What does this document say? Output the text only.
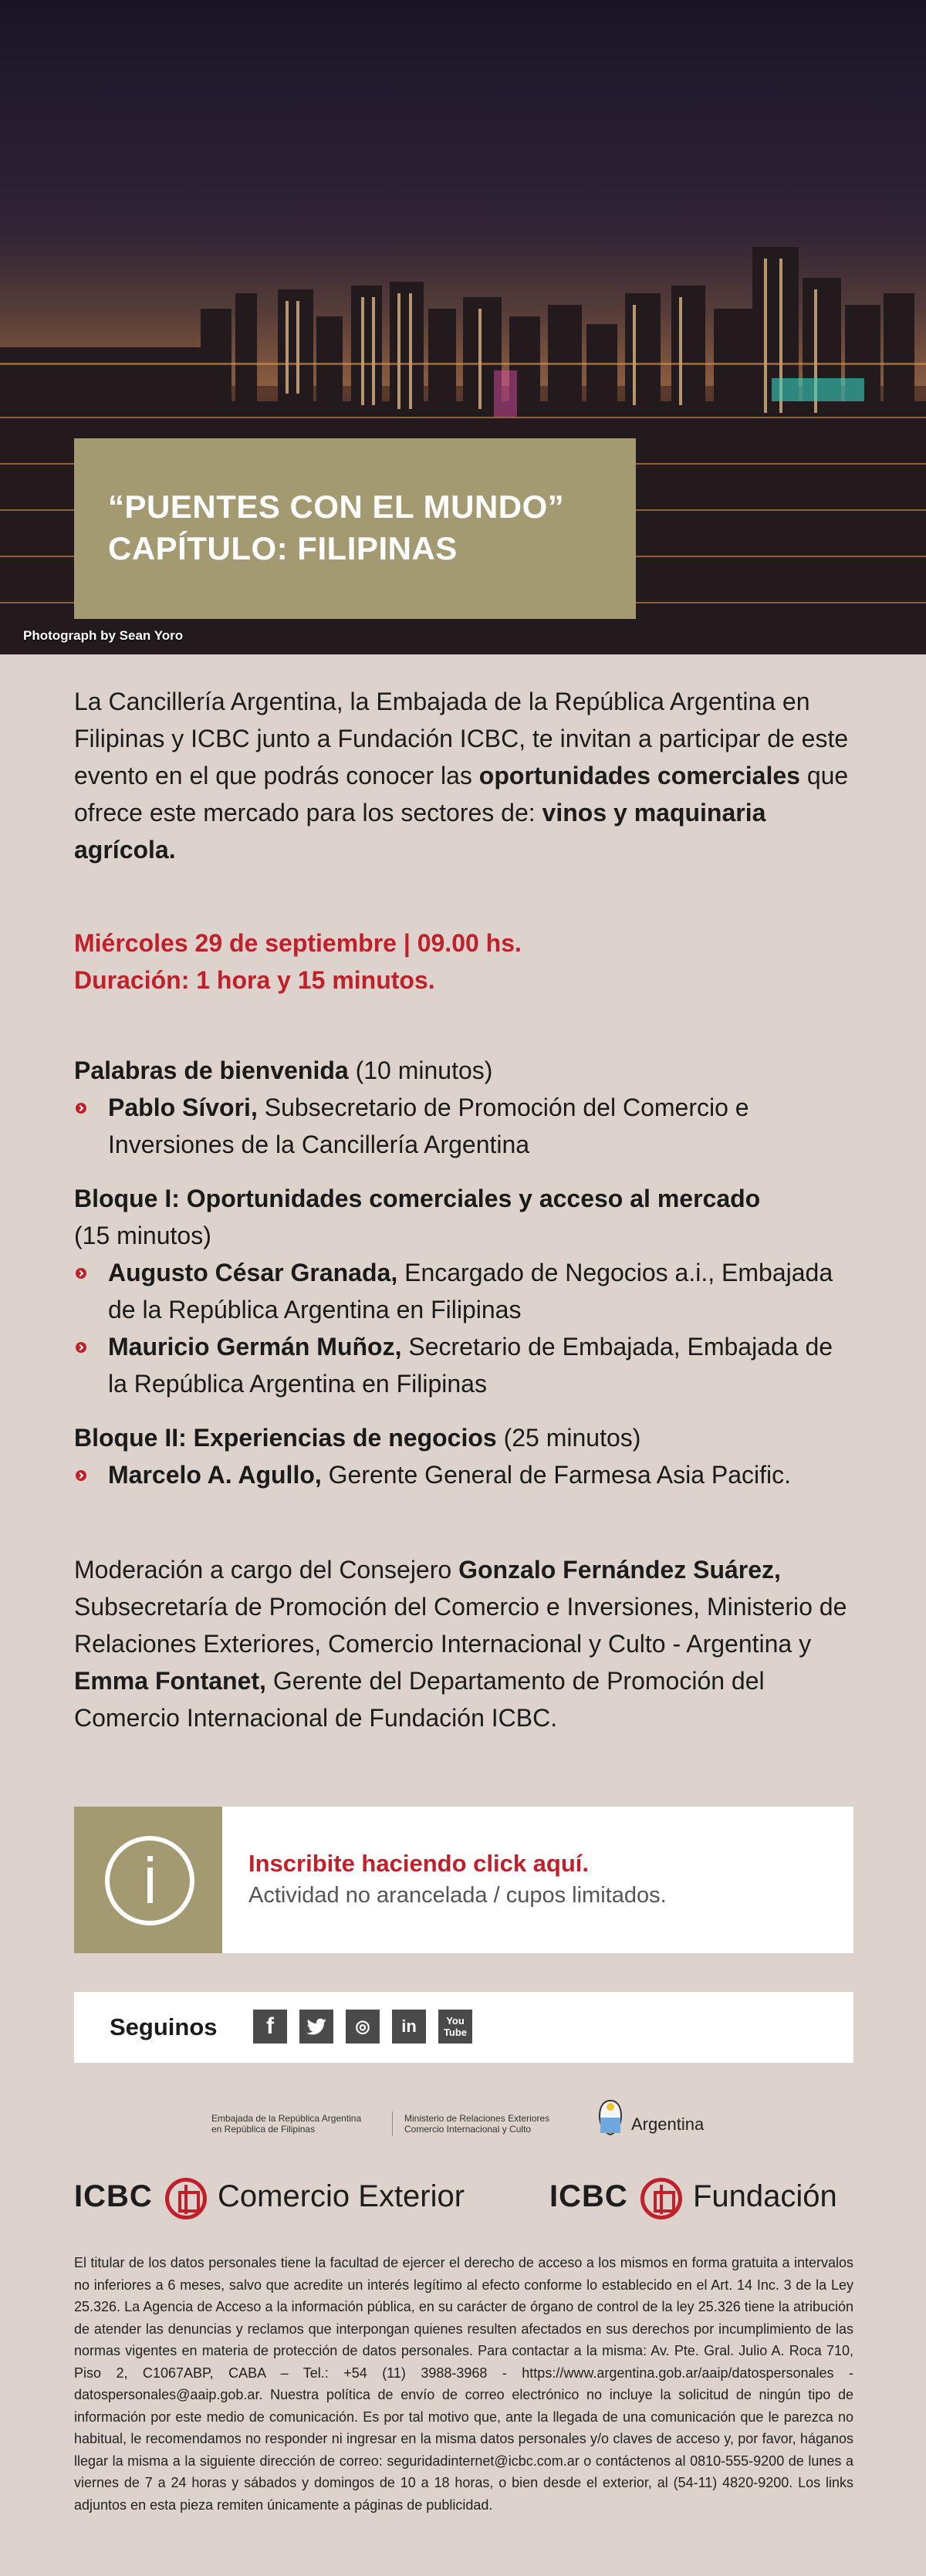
“PUENTES CON EL MUNDO”
CAPÍTULO: FILIPINAS
Photograph by Sean Yoro
La Cancillería Argentina, la Embajada de la República Argentina en Filipinas y ICBC junto a Fundación ICBC, te invitan a participar de este evento en el que podrás conocer las oportunidades comerciales que ofrece este mercado para los sectores de: vinos y maquinaria agrícola.
Miércoles 29 de septiembre | 09.00 hs.
Duración: 1 hora y 15 minutos.
Palabras de bienvenida (10 minutos)
Pablo Sívori, Subsecretario de Promoción del Comercio e Inversiones de la Cancillería Argentina
Bloque I: Oportunidades comerciales y acceso al mercado
(15 minutos)
Augusto César Granada, Encargado de Negocios a.i., Embajada de la República Argentina en Filipinas
Mauricio Germán Muñoz, Secretario de Embajada, Embajada de la República Argentina en Filipinas
Bloque II: Experiencias de negocios (25 minutos)
Marcelo A. Agullo, Gerente General de Farmesa Asia Pacific.
Moderación a cargo del Consejero Gonzalo Fernández Suárez, Subsecretaría de Promoción del Comercio e Inversiones, Ministerio de Relaciones Exteriores, Comercio Internacional y Culto - Argentina y Emma Fontanet, Gerente del Departamento de Promoción del Comercio Internacional de Fundación ICBC.
Inscribite haciendo click aquí.
Actividad no arancelada / cupos limitados.
Seguinos	f	◎	in	You
Tube
Embajada de la República Argentina
en República de Filipinas
Ministerio de Relaciones Exteriores
Comercio Internacional y Culto	Argentina
ICBC Comercio Exterior	ICBC Fundación
El titular de los datos personales tiene la facultad de ejercer el derecho de acceso a los mismos en forma gratuita a intervalos no inferiores a 6 meses, salvo que acredite un interés legítimo al efecto conforme lo establecido en el Art. 14 Inc. 3 de la Ley 25.326. La Agencia de Acceso a la información pública, en su carácter de órgano de control de la ley 25.326 tiene la atribución de atender las denuncias y reclamos que interpongan quienes resulten afectados en sus derechos por incumplimiento de las normas vigentes en materia de protección de datos personales. Para contactar a la misma: Av. Pte. Gral. Julio A. Roca 710, Piso 2, C1067ABP, CABA – Tel.: +54 (11) 3988-3968 - https://www.argentina.gob.ar/aaip/datospersonales - datospersonales@aaip.gob.ar. Nuestra política de envío de correo electrónico no incluye la solicitud de ningún tipo de información por este medio de comunicación. Es por tal motivo que, ante la llegada de una comunicación que le parezca no habitual, le recomendamos no responder ni ingresar en la misma datos personales y/o claves de acceso y, por favor, háganos llegar la misma a la siguiente dirección de correo: seguridadinternet@icbc.com.ar o contáctenos al 0810-555-9200 de lunes a viernes de 7 a 24 horas y sábados y domingos de 10 a 18 horas, o bien desde el exterior, al (54-11) 4820-9200. Los links adjuntos en esta pieza remiten únicamente a páginas de publicidad.
